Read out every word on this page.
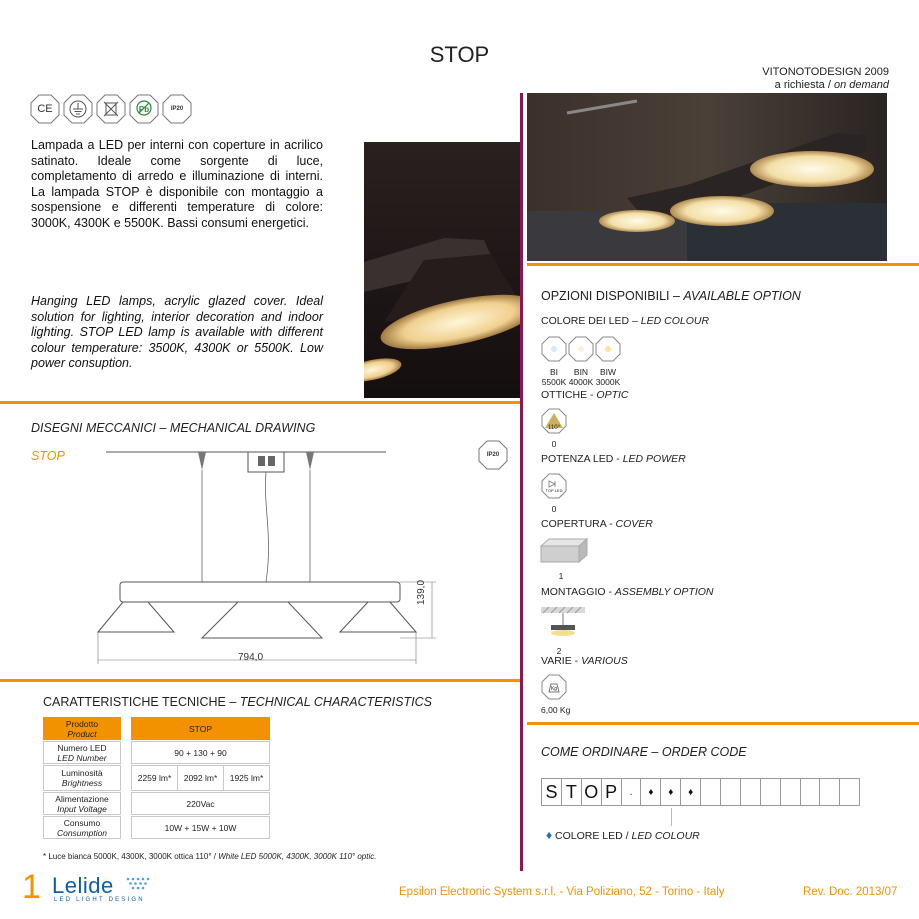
STOP
VITONOTODESIGN 2009
a richiesta / on demand
CE	Pb	IP20
Lampada a LED per interni con coperture in acrilico satinato. Ideale come sorgente di luce, completamento di arredo e illuminazione di interni. La lampada STOP è disponibile con montaggio a sospensione e differenti temperature di colore: 3000K, 4300K e 5500K. Bassi consumi energetici.
Hanging LED lamps, acrylic glazed cover. Ideal solution for lighting, interior decoration and indoor lighting. STOP LED lamp is available with different colour temperature: 3500K, 4300K or 5500K. Low power consuption.
DISEGNI MECCANICI – MECHANICAL DRAWING
STOP	IP20
794,0
139,0
OPZIONI DISPONIBILI – AVAILABLE OPTION
COLORE DEI LED – LED COLOUR
BI
5500K
BIN
4000K
BIW
3000K
OTTICHE - OPTIC
110°
0
POTENZA LED - LED POWER
TOP LED
0
COPERTURA - COVER
1
MONTAGGIO - ASSEMBLY OPTION
2
VARIE - VARIOUS
Kg
6,00 Kg
CARATTERISTICHE TECNICHE – TECHNICAL CHARACTERISTICS
Prodotto
Product	STOP
Numero LED
LED Number	90 + 130 + 90
Luminosità
Brightness	2259 lm*	2092 lm*	1925 lm*
Alimentazione
Input Voltage	220Vac
Consumo
Consumption	10W + 15W + 10W
* Luce bianca 5000K, 4300K, 3000K ottica 110° / White LED 5000K, 4300K, 3000K 110° optic.
COME ORDINARE – ORDER CODE
S T O P	.	♦	♦	♦
♦ COLORE LED / LED COLOUR
1 Lelide
LED LIGHT DESIGN
Epsilon Electronic System s.r.l. - Via Poliziano, 52 - Torino - Italy	Rev. Doc. 2013/07
